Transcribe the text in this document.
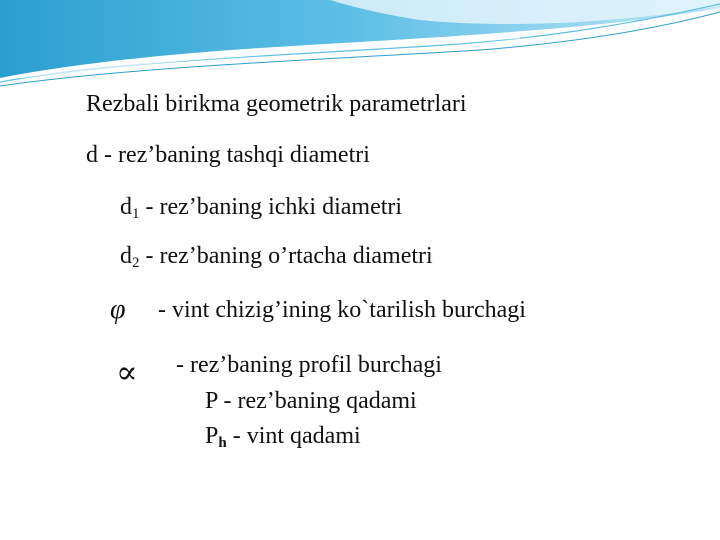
Rezbali birikma geometrik parametrlari
d - rez’baning tashqi diametri
$d_1$ - rez’baning ichki diametri
$d_2$ - rez’baning o’rtacha diametri
φ - vint chizig’ining ko`tarilish burchagi
∝ - rez’baning profil burchagi
P - rez’baning qadami
$P_h$ - vint qadami
